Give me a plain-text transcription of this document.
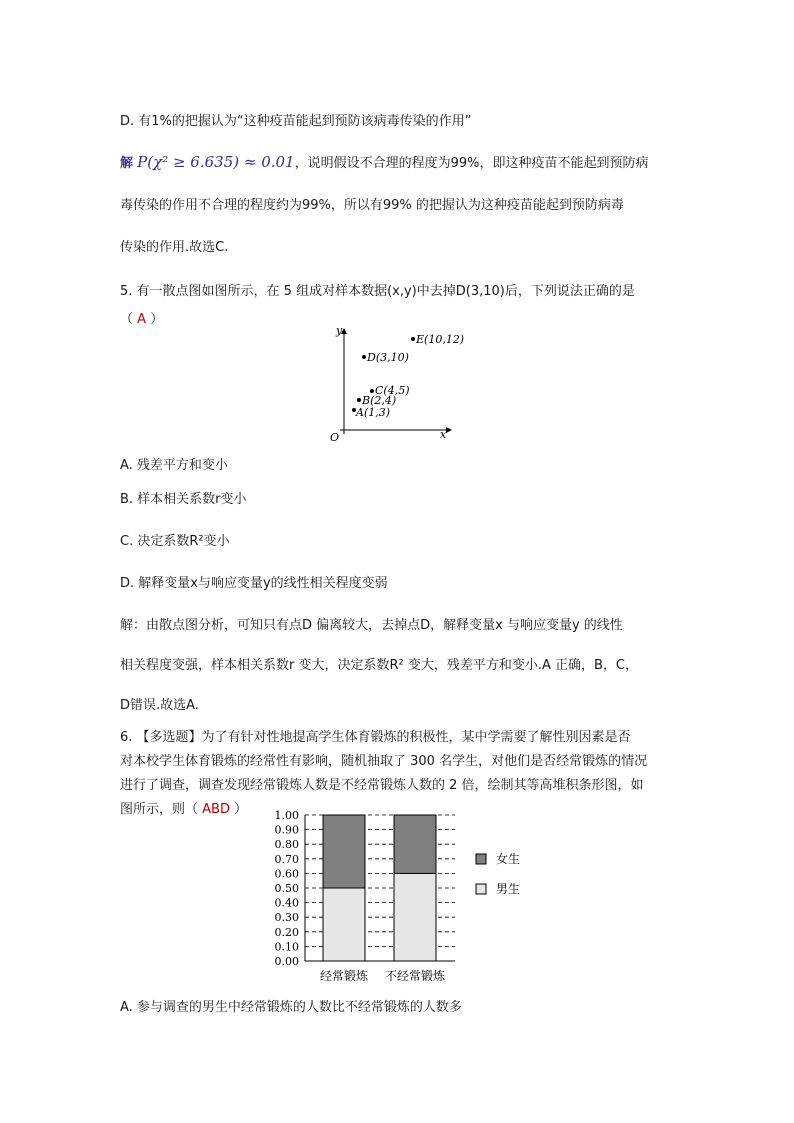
D. 有1%的把握认为“这种疫苗能起到预防该病毒传染的作用”
解 P(χ² ≥ 6.635) ≈ 0.01，说明假设不合理的程度为99%，即这种疫苗不能起到预防病
毒传染的作用不合理的程度约为99%，所以有99% 的把握认为这种疫苗能起到预防病毒
传染的作用.故选C.
5. 有一散点图如图所示，在 5 组成对样本数据(x,y)中去掉D(3,10)后，下列说法正确的是
（ A ）
y
x
O
A(1,3)
B(2,4)
C(4,5)
D(3,10)
E(10,12)
A. 残差平方和变小
B. 样本相关系数r变小
C. 决定系数R²变小
D. 解释变量x与响应变量y的线性相关程度变弱
解：由散点图分析，可知只有点D 偏离较大，去掉点D，解释变量x 与响应变量y 的线性
相关程度变强，样本相关系数r 变大，决定系数R² 变大，残差平方和变小.A 正确，B，C，
D错误.故选A.
6. 【多选题】为了有针对性地提高学生体育锻炼的积极性，某中学需要了解性别因素是否
对本校学生体育锻炼的经常性有影响，随机抽取了 300 名学生，对他们是否经常锻炼的情况
进行了调查，调查发现经常锻炼人数是不经常锻炼人数的 2 倍，绘制其等高堆积条形图，如
图所示，则（ ABD ）
0.00
0.10
0.20
0.30
0.40
0.50
0.60
0.70
0.80
0.90
1.00
经常锻炼 不经常锻炼
女生
男生
A. 参与调查的男生中经常锻炼的人数比不经常锻炼的人数多
